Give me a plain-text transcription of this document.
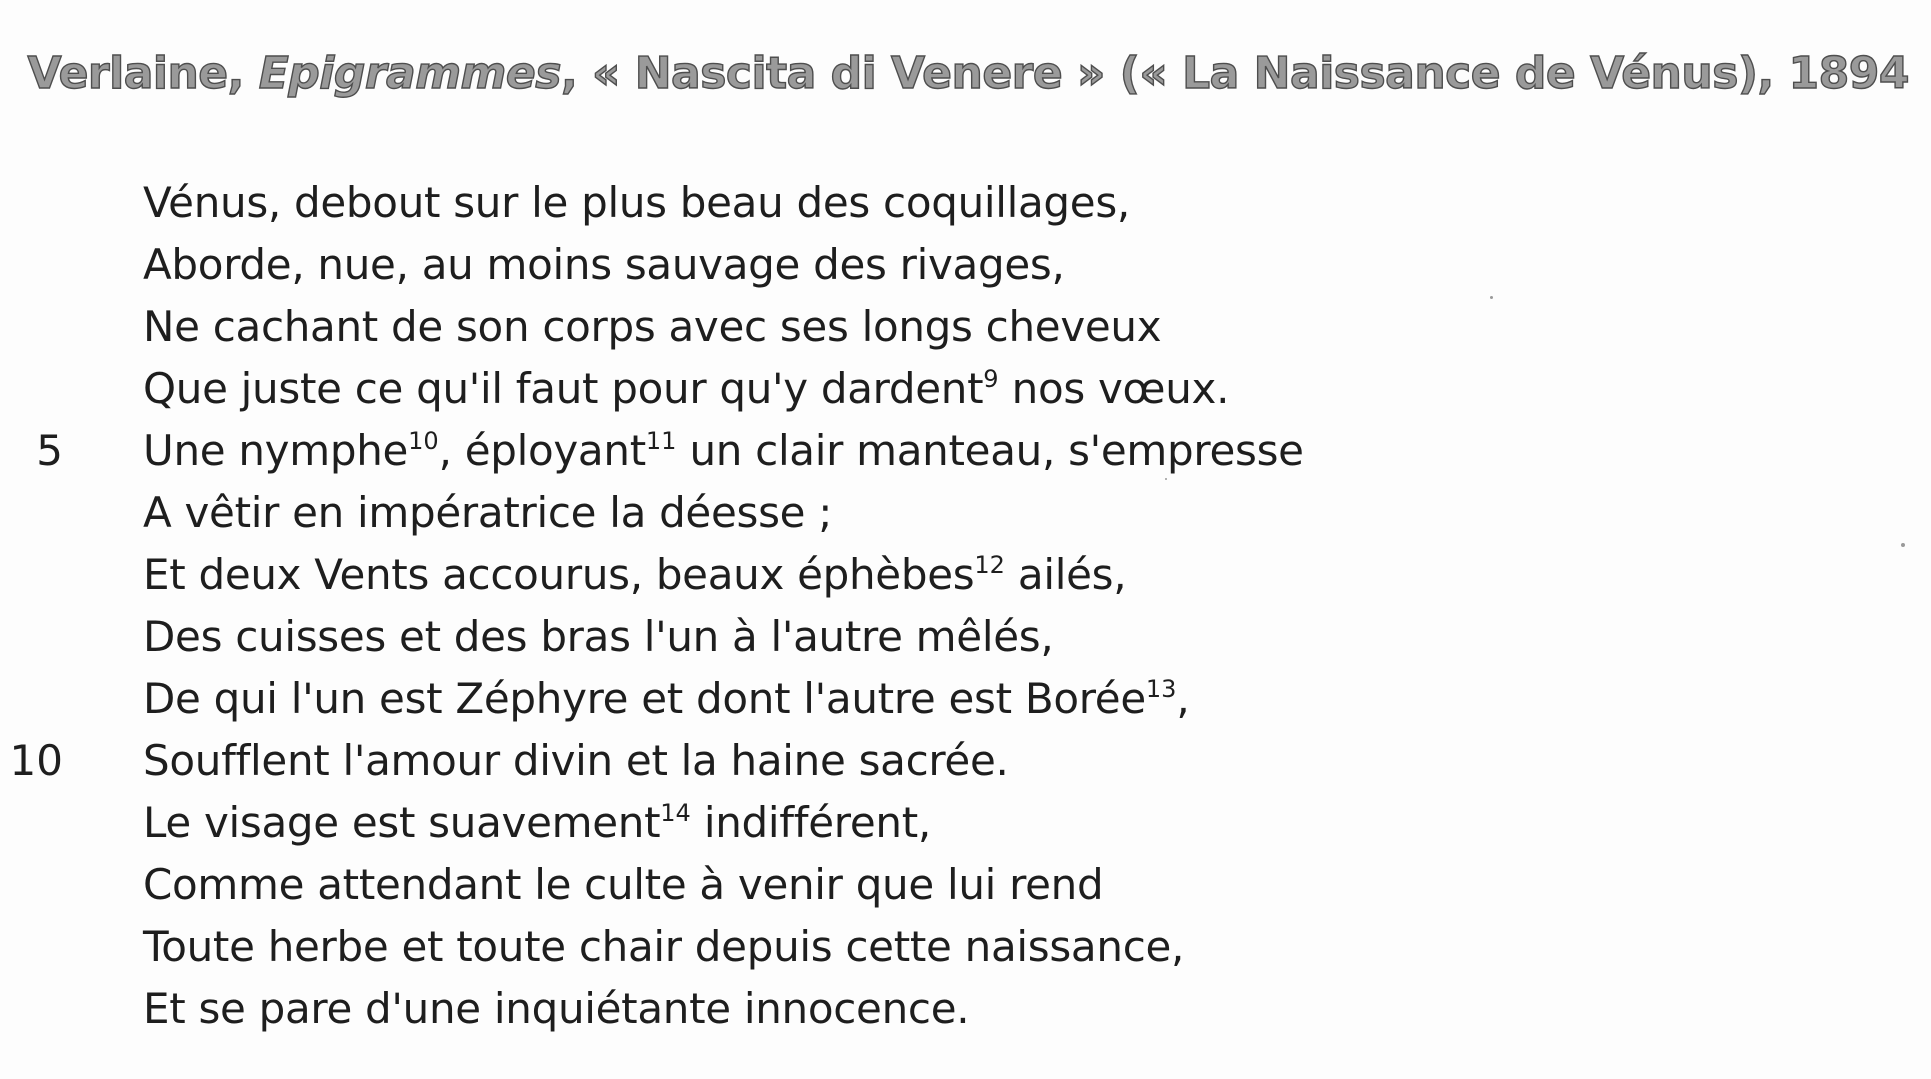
Verlaine, Epigrammes, « Nascita di Venere » (« La Naissance de Vénus), 1894
Vénus, debout sur le plus beau des coquillages,
Aborde, nue, au moins sauvage des rivages,
Ne cachant de son corps avec ses longs cheveux
Que juste ce qu'il faut pour qu'y dardent$^9$ nos vœux.
5 Une nymphe$^{10}$, éployant$^{11}$ un clair manteau, s'empresse
A vêtir en impératrice la déesse ;
Et deux Vents accourus, beaux éphèbes$^{12}$ ailés,
Des cuisses et des bras l'un à l'autre mêlés,
De qui l'un est Zéphyre et dont l'autre est Borée$^{13}$,
10 Soufflent l'amour divin et la haine sacrée.
Le visage est suavement$^{14}$ indifférent,
Comme attendant le culte à venir que lui rend
Toute herbe et toute chair depuis cette naissance,
Et se pare d'une inquiétante innocence.
